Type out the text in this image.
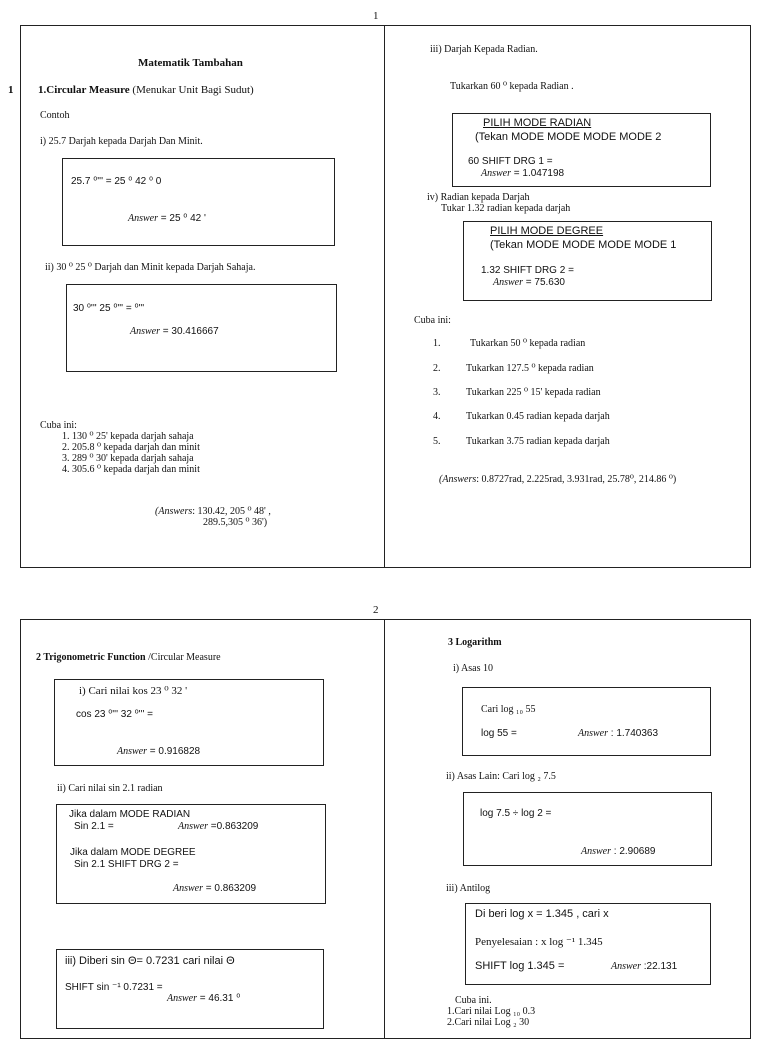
1
1
Matematik Tambahan
1.Circular Measure (Menukar Unit Bagi Sudut)
Contoh
i) 25.7 Darjah kepada Darjah Dan Minit.
25.7 ⁰''' = 25 ⁰ 42 ⁰ 0
Answer = 25 ⁰ 42 '
ii) 30 ⁰ 25 ⁰ Darjah dan Minit kepada Darjah Sahaja.
30 ⁰''' 25 ⁰''' = ⁰'''
Answer = 30.416667
Cuba ini:
1. 130 ⁰ 25' kepada darjah sahaja
2. 205.8 ⁰ kepada darjah dan minit
3. 289 ⁰ 30' kepada darjah sahaja
4. 305.6 ⁰ kepada darjah dan minit
(Answers: 130.42, 205 ⁰ 48' ,
289.5,305 ⁰ 36')
iii) Darjah Kepada Radian.
Tukarkan 60 ⁰ kepada Radian .
PILIH MODE RADIAN
(Tekan MODE MODE MODE MODE 2
60 SHIFT DRG 1 =
Answer = 1.047198
iv) Radian kepada Darjah
Tukar 1.32 radian kepada darjah
PILIH MODE DEGREE
(Tekan MODE MODE MODE MODE 1
1.32 SHIFT DRG 2 =
Answer = 75.630
Cuba ini:
1.	Tukarkan 50 ⁰ kepada radian
2.	Tukarkan 127.5 ⁰ kepada radian
3.	Tukarkan 225 ⁰ 15' kepada radian
4.	Tukarkan 0.45 radian kepada darjah
5.	Tukarkan 3.75 radian kepada darjah
(Answers: 0.8727rad, 2.225rad, 3.931rad, 25.78⁰, 214.86 ⁰)
2
2 Trigonometric Function /Circular Measure
i) Cari nilai kos 23 ⁰ 32 '
cos 23 ⁰''' 32 ⁰''' =
Answer = 0.916828
ii) Cari nilai sin 2.1 radian
Jika dalam MODE RADIAN
Sin 2.1 =	Answer =0.863209
Jika dalam MODE DEGREE
Sin 2.1 SHIFT DRG 2 =
Answer = 0.863209
iii) Diberi sin Θ= 0.7231 cari nilai Θ
SHIFT sin ⁻¹ 0.7231 =
Answer = 46.31 ⁰
3 Logarithm
i) Asas 10
Cari log ₁₀ 55
log 55 =	Answer : 1.740363
ii) Asas Lain: Cari log ₂ 7.5
log 7.5 ÷ log 2 =
Answer : 2.90689
iii) Antilog
Di beri log x = 1.345 , cari x
Penyelesaian : x log ⁻¹ 1.345
SHIFT log 1.345 =	Answer :22.131
Cuba ini.
1.Cari nilai Log ₁₀ 0.3
2.Cari nilai Log ₂ 30
